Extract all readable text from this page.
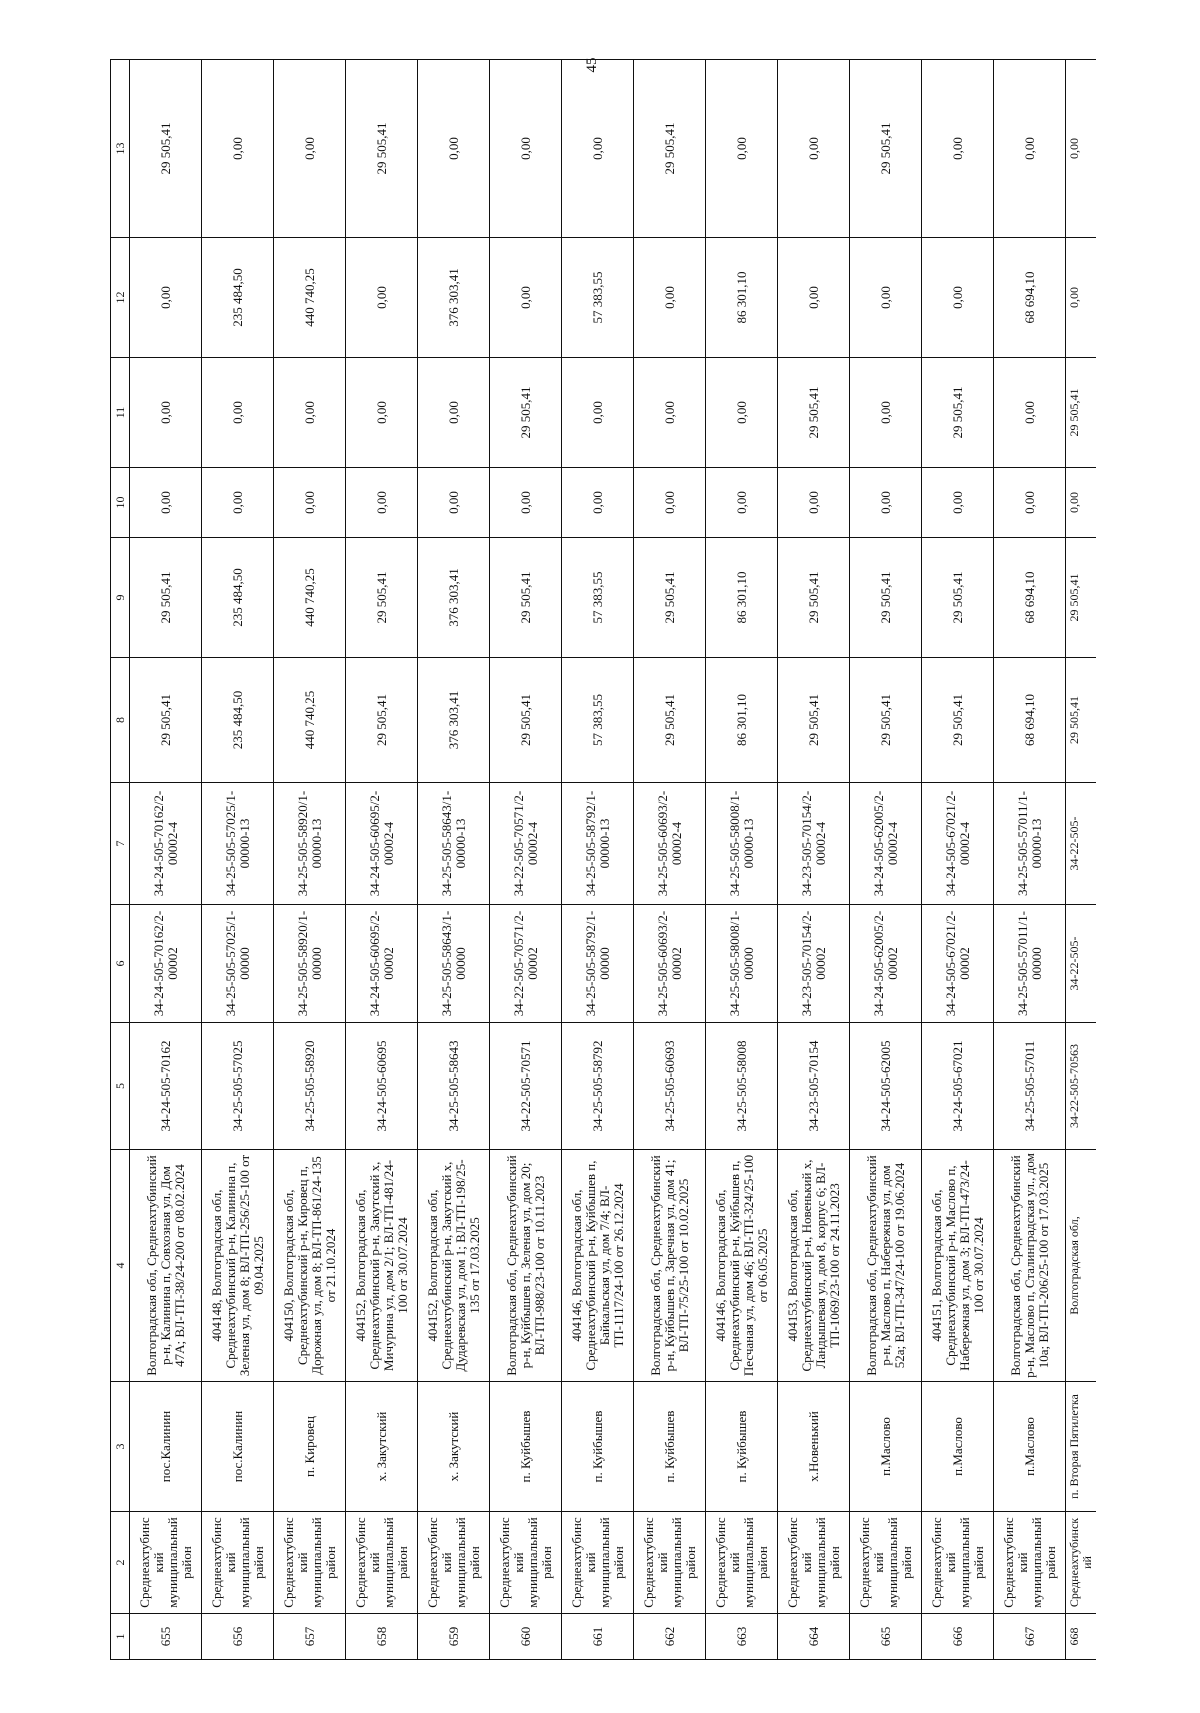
45
1	2	3	4	5	6	7	8	9	10	11	12	13
655	Среднеахтубинский муниципальный район	пос.Калинин	Волгоградская обл, Среднеахтубинский р-н, Калинина п, Совхозная ул, Дом 47А; ВЛ-ТП-38/24-200 от 08.02.2024	34-24-505-70162	34-24-505-70162/2-00002	34-24-505-70162/2-00002-4	29 505,41	29 505,41	0,00	0,00	0,00	29 505,41
656	Среднеахтубинский муниципальный район	пос.Калинин	404148, Волгоградская обл, Среднеахтубинский р-н, Калинина п, Зеленая ул, дом 8; ВЛ-ТП-256/25-100 от 09.04.2025	34-25-505-57025	34-25-505-57025/1-00000	34-25-505-57025/1-00000-13	235 484,50	235 484,50	0,00	0,00	235 484,50	0,00
657	Среднеахтубинский муниципальный район	п. Кировец	404150, Волгоградская обл, Среднеахтубинский р-н, Кировец п, Дорожная ул, дом 8; ВЛ-ТП-861/24-135 от 21.10.2024	34-25-505-58920	34-25-505-58920/1-00000	34-25-505-58920/1-00000-13	440 740,25	440 740,25	0,00	0,00	440 740,25	0,00
658	Среднеахтубинский муниципальный район	х. Закутский	404152, Волгоградская обл, Среднеахтубинский р-н, Закутский х, Мичурина ул, дом 2/1; ВЛ-ТП-481/24-100 от 30.07.2024	34-24-505-60695	34-24-505-60695/2-00002	34-24-505-60695/2-00002-4	29 505,41	29 505,41	0,00	0,00	0,00	29 505,41
659	Среднеахтубинский муниципальный район	х. Закутский	404152, Волгоградская обл, Среднеахтубинский р-н, Закутский х, Дударевская ул, дом 1; ВЛ-ТП-198/25-135 от 17.03.2025	34-25-505-58643	34-25-505-58643/1-00000	34-25-505-58643/1-00000-13	376 303,41	376 303,41	0,00	0,00	376 303,41	0,00
660	Среднеахтубинский муниципальный район	п. Куйбышев	Волгоградская обл, Среднеахтубинский р-н, Куйбышев п, Зеленая ул, дом 20; ВЛ-ТП-988/23-100 от 10.11.2023	34-22-505-70571	34-22-505-70571/2-00002	34-22-505-70571/2-00002-4	29 505,41	29 505,41	0,00	29 505,41	0,00	0,00
661	Среднеахтубинский муниципальный район	п. Куйбышев	404146, Волгоградская обл, Среднеахтубинский р-н, Куйбышев п, Байкальская ул, дом 7/4; ВЛ-ТП-1117/24-100 от 26.12.2024	34-25-505-58792	34-25-505-58792/1-00000	34-25-505-58792/1-00000-13	57 383,55	57 383,55	0,00	0,00	57 383,55	0,00
662	Среднеахтубинский муниципальный район	п. Куйбышев	Волгоградская обл, Среднеахтубинский р-н, Куйбышев п, Заречная ул, дом 41; ВЛ-ТП-75/25-100 от 10.02.2025	34-25-505-60693	34-25-505-60693/2-00002	34-25-505-60693/2-00002-4	29 505,41	29 505,41	0,00	0,00	0,00	29 505,41
663	Среднеахтубинский муниципальный район	п. Куйбышев	404146, Волгоградская обл, Среднеахтубинский р-н, Куйбышев п, Песчаная ул, дом 46; ВЛ-ТП-324/25-100 от 06.05.2025	34-25-505-58008	34-25-505-58008/1-00000	34-25-505-58008/1-00000-13	86 301,10	86 301,10	0,00	0,00	86 301,10	0,00
664	Среднеахтубинский муниципальный район	х.Новенький	404153, Волгоградская обл, Среднеахтубинский р-н, Новенький х, Ландышевая ул, дом 8, корпус 6; ВЛ-ТП-1069/23-100 от 24.11.2023	34-23-505-70154	34-23-505-70154/2-00002	34-23-505-70154/2-00002-4	29 505,41	29 505,41	0,00	29 505,41	0,00	0,00
665	Среднеахтубинский муниципальный район	п.Маслово	Волгоградская обл, Среднеахтубинский р-н, Маслово п, Набережная ул, дом 52а; ВЛ-ТП-347/24-100 от 19.06.2024	34-24-505-62005	34-24-505-62005/2-00002	34-24-505-62005/2-00002-4	29 505,41	29 505,41	0,00	0,00	0,00	29 505,41
666	Среднеахтубинский муниципальный район	п.Маслово	404151, Волгоградская обл, Среднеахтубинский р-н, Маслово п, Набережная ул, дом 3; ВЛ-ТП-473/24-100 от 30.07.2024	34-24-505-67021	34-24-505-67021/2-00002	34-24-505-67021/2-00002-4	29 505,41	29 505,41	0,00	29 505,41	0,00	0,00
667	Среднеахтубинский муниципальный район	п.Маслово	Волгоградская обл, Среднеахтубинский р-н, Маслово п, Сталинградская ул., дом 10а; ВЛ-ТП-206/25-100 от 17.03.2025	34-25-505-57011	34-25-505-57011/1-00000	34-25-505-57011/1-00000-13	68 694,10	68 694,10	0,00	0,00	68 694,10	0,00
668	Среднеахтубинский	п. Вторая Пятилетка	Волгоградская обл,	34-22-505-70563	34-22-505-	34-22-505-	29 505,41	29 505,41	0,00	29 505,41	0,00	0,00
